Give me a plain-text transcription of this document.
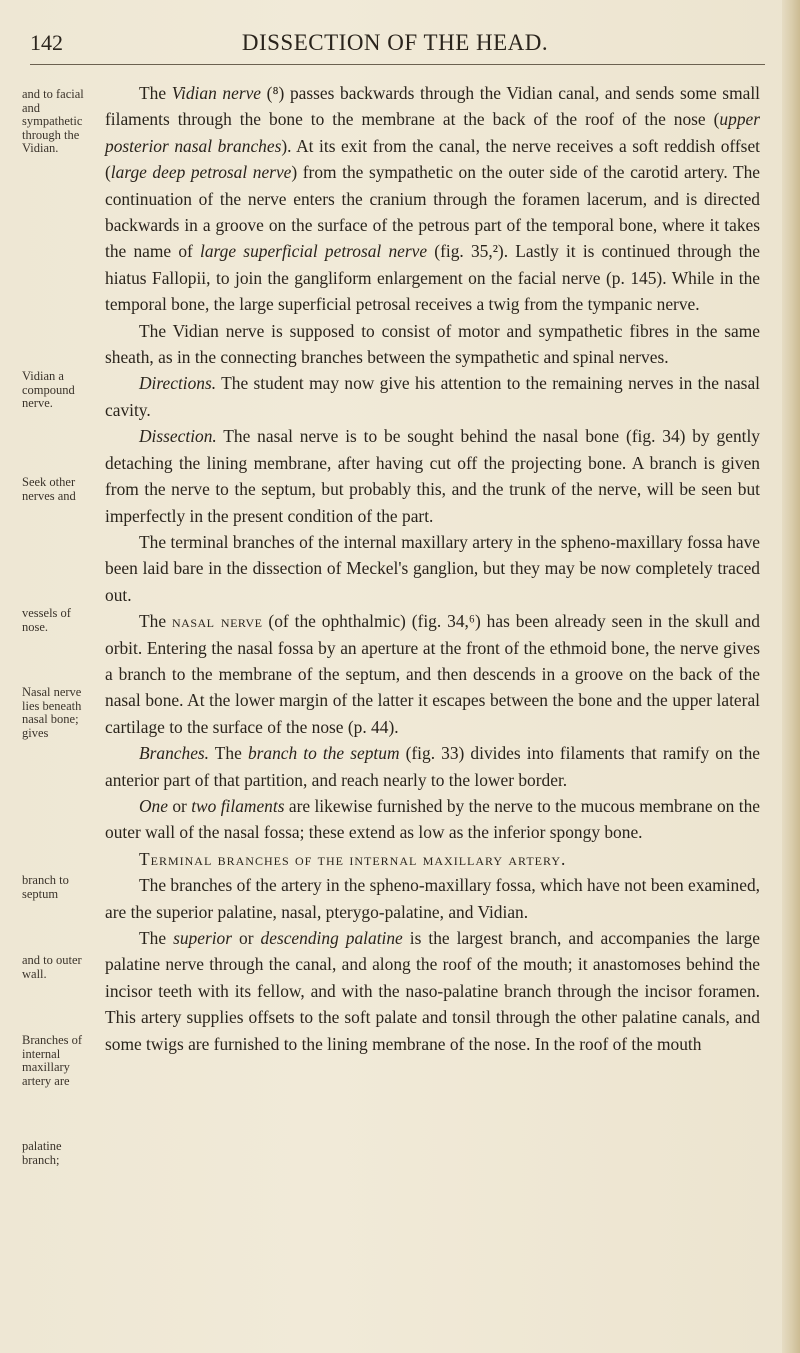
142	DISSECTION OF THE HEAD.
and to facial and sympathetic through the Vidian.
Vidian a compound nerve.
Seek other nerves and
vessels of nose.
Nasal nerve lies beneath nasal bone; gives
branch to septum
and to outer wall.
Branches of internal maxillary artery are
palatine branch;

The Vidian nerve (⁸) passes backwards through the Vidian canal, and sends some small filaments through the bone to the membrane at the back of the roof of the nose (upper posterior nasal branches). At its exit from the canal, the nerve receives a soft reddish offset (large deep petrosal nerve) from the sympathetic on the outer side of the carotid artery. The continuation of the nerve enters the cranium through the foramen lacerum, and is directed backwards in a groove on the surface of the petrous part of the temporal bone, where it takes the name of large superficial petrosal nerve (fig. 35,²). Lastly it is continued through the hiatus Fallopii, to join the gangliform enlargement on the facial nerve (p. 145). While in the temporal bone, the large superficial petrosal receives a twig from the tympanic nerve.

The Vidian nerve is supposed to consist of motor and sympathetic fibres in the same sheath, as in the connecting branches between the sympathetic and spinal nerves.

Directions. The student may now give his attention to the remaining nerves in the nasal cavity.

Dissection. The nasal nerve is to be sought behind the nasal bone (fig. 34) by gently detaching the lining membrane, after having cut off the projecting bone. A branch is given from the nerve to the septum, but probably this, and the trunk of the nerve, will be seen but imperfectly in the present condition of the part.

The terminal branches of the internal maxillary artery in the spheno-maxillary fossa have been laid bare in the dissection of Meckel's ganglion, but they may be now completely traced out.

The nasal nerve (of the ophthalmic) (fig. 34,⁶) has been already seen in the skull and orbit. Entering the nasal fossa by an aperture at the front of the ethmoid bone, the nerve gives a branch to the membrane of the septum, and then descends in a groove on the back of the nasal bone. At the lower margin of the latter it escapes between the bone and the upper lateral cartilage to the surface of the nose (p. 44).

Branches. The branch to the septum (fig. 33) divides into filaments that ramify on the anterior part of that partition, and reach nearly to the lower border.

One or two filaments are likewise furnished by the nerve to the mucous membrane on the outer wall of the nasal fossa; these extend as low as the inferior spongy bone.

Terminal branches of the internal maxillary artery.

The branches of the artery in the spheno-maxillary fossa, which have not been examined, are the superior palatine, nasal, pterygo-palatine, and Vidian.

The superior or descending palatine is the largest branch, and accompanies the large palatine nerve through the canal, and along the roof of the mouth; it anastomoses behind the incisor teeth with its fellow, and with the naso-palatine branch through the incisor foramen. This artery supplies offsets to the soft palate and tonsil through the other palatine canals, and some twigs are furnished to the lining membrane of the nose. In the roof of the mouth
